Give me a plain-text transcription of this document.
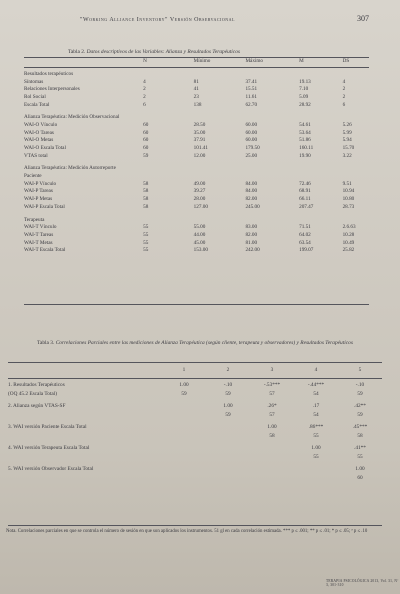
"Working Alliance Inventory" Versión Observacional	307
Tabla 2. Datos descriptivos de las Variables: Alianza y Resultados Terapéuticos
	N	Mínimo	Máximo	M	DS

Resultados terapéuticos					
Síntomas	4	81	37.41	19.13	4
Relaciones Interpersonales	2	41	15.51	7.10	2
Rol Social	2	23	11.61	5.09	2
Escala Total	6	138	62.70	28.92	6

Alianza Terapéutica: Medición Observacional					
WAI-O Vínculo	60	28.50	60.00	54.61	5.26
WAI-O Tareas	60	35.00	60.00	53.64	5.99
WAI-O Metas	60	37.91	60.00	51.86	5.94
WAI-O Escala Total	60	101.41	179.50	160.11	15.70
VTAS total	59	12.00	25.00	19.90	3.22

Alianza Terapéutica: Medición Autorreporte					
Paciente					
WAI-P Vínculo	58	49.00	84.00	72.46	9.51
WAI-P Tareas	58	39.27	84.00	68.91	10.94
WAI-P Metas	58	28.00	82.00	66.11	10.80
WAI-P Escala Total	58	127.00	245.00	207.47	28.73

Terapeuta					
WAI-T Vínculo	55	55.00	83.00	71.51	2.6.63
WAI-T Tareas	55	44.00	82.00	64.02	10.28
WAI-T Metas	55	45.00	81.00	63.54	10.49
WAI-T Escala Total	55	153.00	242.00	199.07	25.82
Tabla 3. Correlaciones Parciales entre las mediciones de Alianza Terapéutica (según cliente, terapeuta y observadores) y Resultados Terapéuticos
	1	2	3	4	5

1. Resultados Terapéuticos	1.00	-.10	-.53***	-.44***	-.10
(OQ 45.2 Escala Total)	59	59	57	54	59

2. Alianza según VTAS-SF		1.00	.26*	.17	.42**
		59	57	54	59

3. WAI versión Paciente Escala Total			1.00	.86***	.45***
			58	55	58

4. WAI versión Terapeuta Escala Total				1.00	.41**
				55	55

5. WAI versión Observador Escala Total					1.00
					60
Nota. Correlaciones parciales en que se controla el número de sesión en que son aplicados los instrumentos. 51 gl en cada correlación estimada. *** p ≤ .001; ** p ≤ .01; * p ≤ .05; ª p ≤ .10
TERAPIA PSICOLÓGICA 2013, Vol. 31, Nº 3, 301-310
